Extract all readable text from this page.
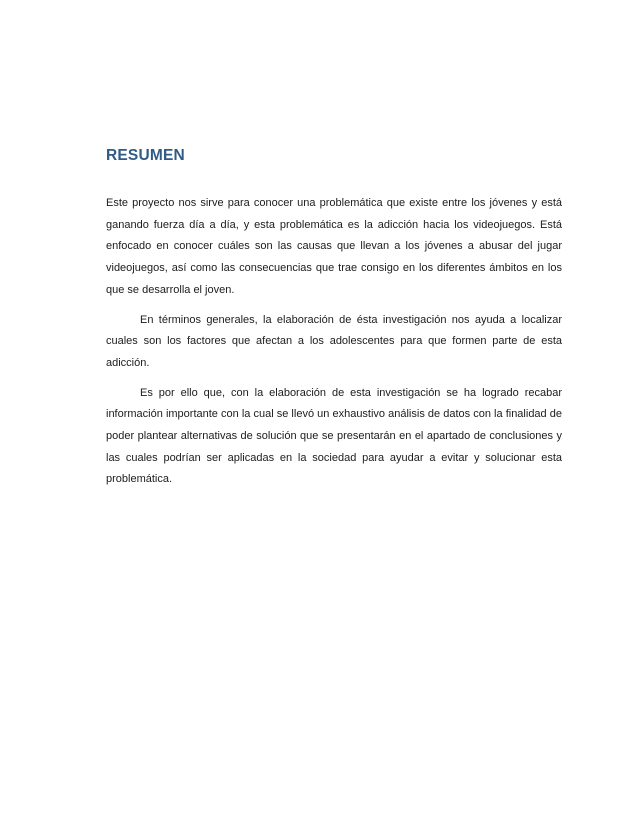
RESUMEN

Este proyecto nos sirve para conocer una problemática que existe entre los jóvenes y está ganando fuerza día a día, y esta problemática es la adicción hacia los videojuegos. Está enfocado en conocer cuáles son las causas que llevan a los jóvenes a abusar del jugar videojuegos, así como las consecuencias que trae consigo en los diferentes ámbitos en los que se desarrolla el joven.

En términos generales, la elaboración de ésta investigación nos ayuda a localizar cuales son los factores que afectan a los adolescentes para que formen parte de esta adicción.

Es por ello que, con la elaboración de esta investigación se ha logrado recabar información importante con la cual se llevó un exhaustivo análisis de datos con la finalidad de poder plantear alternativas de solución que se presentarán en el apartado de conclusiones y las cuales podrían ser aplicadas en la sociedad para ayudar a evitar y solucionar esta problemática.
